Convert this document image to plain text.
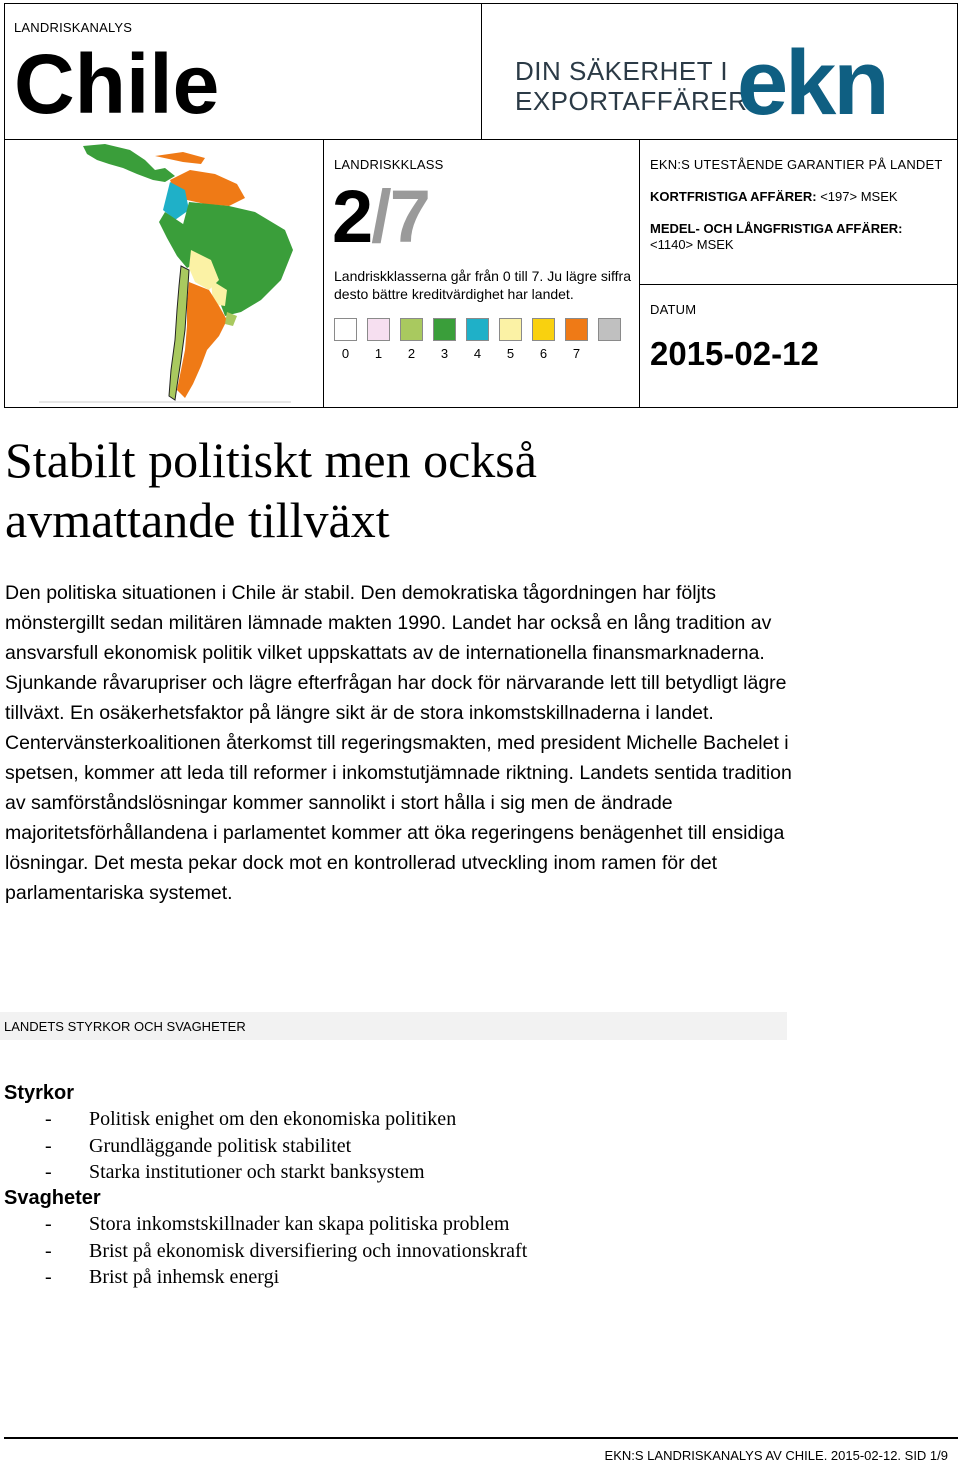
LANDRISKANALYS
Chile	DIN SÄKERHET I
EXPORTAFFÄRER
ekn
LANDRISKKLASS
2/7
Landriskklasserna går från 0 till 7. Ju lägre siffra desto bättre kreditvärdighet har landet.
0	1	2	3	4	5	6	7
EKN:S UTESTÅENDE GARANTIER PÅ LANDET
KORTFRISTIGA AFFÄRER: <197> MSEK
MEDEL- OCH LÅNGFRISTIGA AFFÄRER:
<1140> MSEK
DATUM
2015-02-12
Stabilt politiskt men också avmattande tillväxt
Den politiska situationen i Chile är stabil. Den demokratiska tågordningen har följts mönstergillt sedan militären lämnade makten 1990. Landet har också en lång tradition av ansvarsfull ekonomisk politik vilket uppskattats av de internationella finansmarknaderna. Sjunkande råvarupriser och lägre efterfrågan har dock för närvarande lett till betydligt lägre tillväxt. En osäkerhetsfaktor på längre sikt är de stora inkomstskillnaderna i landet. Centervänsterkoalitionen återkomst till regeringsmakten, med president Michelle Bachelet i spetsen, kommer att leda till reformer i inkomstutjämnade riktning. Landets sentida tradition av samförståndslösningar kommer sannolikt i stort hålla i sig men de ändrade majoritetsförhållandena i parlamentet kommer att öka regeringens benägenhet till ensidiga lösningar. Det mesta pekar dock mot en kontrollerad utveckling inom ramen för det parlamentariska systemet.
LANDETS STYRKOR OCH SVAGHETER
Styrkor
- Politisk enighet om den ekonomiska politiken
- Grundläggande politisk stabilitet
- Starka institutioner och starkt banksystem
Svagheter
- Stora inkomstskillnader kan skapa politiska problem
- Brist på ekonomisk diversifiering och innovationskraft
- Brist på inhemsk energi
EKN:S LANDRISKANALYS AV CHILE. 2015-02-12. SID 1/9
